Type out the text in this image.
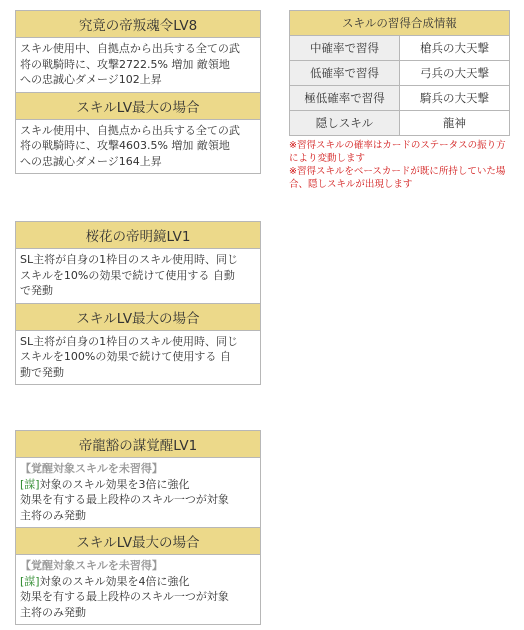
究竟の帝叛魂令LV8

スキル使用中、自拠点から出兵する全ての武
将の戦騎時に、攻撃2722.5% 増加 敵領地
への忠誠心ダメージ102上昇

スキルLV最大の場合

スキル使用中、自拠点から出兵する全ての武
将の戦騎時に、攻撃4603.5% 増加 敵領地
への忠誠心ダメージ164上昇
スキルの習得合成情報	
中確率で習得	槍兵の大天撃
低確率で習得	弓兵の大天撃
極低確率で習得	騎兵の大天撃
隠しスキル	龍神
※習得スキルの確率はカードのステータスの振り方
により変動します
※習得スキルをベースカードが既に所持していた場
合、隠しスキルが出現します
桜花の帝明鏡LV1

SL主将が自身の1枠目のスキル使用時、同じ
スキルを10%の効果で続けて使用する 自動
で発動

スキルLV最大の場合

SL主将が自身の1枠目のスキル使用時、同じ
スキルを100%の効果で続けて使用する 自
動で発動
帝龍豁の謀覚醒LV1

【覚醒対象スキルを未習得】
[謀]対象のスキル効果を3倍に強化
効果を有する最上段枠のスキル一つが対象
主将のみ発動

スキルLV最大の場合

【覚醒対象スキルを未習得】
[謀]対象のスキル効果を4倍に強化
効果を有する最上段枠のスキル一つが対象
主将のみ発動
